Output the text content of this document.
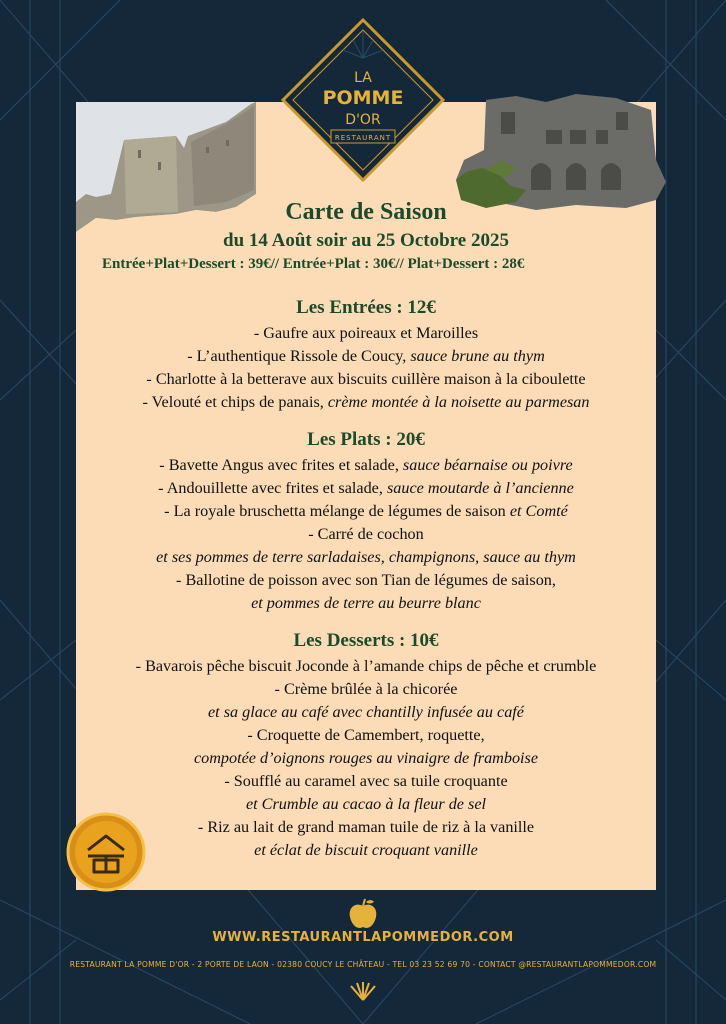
LA
POMME
D'OR
RESTAURANT

Carte de Saison

du 14 Août soir au 25 Octobre 2025

Entrée+Plat+Dessert : 39€// Entrée+Plat : 30€// Plat+Dessert : 28€

Les Entrées : 12€

- Gaufre aux poireaux et Maroilles

- L’authentique Rissole de Coucy, sauce brune au thym

- Charlotte à la betterave aux biscuits cuillère maison à la ciboulette

- Velouté et chips de panais, crème montée à la noisette au parmesan

Les Plats : 20€

- Bavette Angus avec frites et salade, sauce béarnaise ou poivre

- Andouillette avec frites et salade, sauce moutarde à l’ancienne

- La royale bruschetta mélange de légumes de saison et Comté

- Carré de cochon

et ses pommes de terre sarladaises, champignons, sauce au thym

- Ballotine de poisson avec son Tian de légumes de saison,

et pommes de terre au beurre blanc

Les Desserts : 10€

- Bavarois pêche biscuit Joconde à l’amande chips de pêche et crumble

- Crème brûlée à la chicorée

et sa glace au café avec chantilly infusée au café

- Croquette de Camembert, roquette,

compotée d’oignons rouges au vinaigre de framboise

- Soufflé au caramel avec sa tuile croquante

et Crumble au cacao à la fleur de sel

- Riz au lait de grand maman tuile de riz à la vanille

et éclat de biscuit croquant vanille

WWW.RESTAURANTLAPOMMEDOR.COM
RESTAURANT LA POMME D'OR - 2 PORTE DE LAON - 02380 COUCY LE CHÂTEAU - TEL 03 23 52 69 70 - CONTACT @RESTAURANTLAPOMMEDOR.COM
